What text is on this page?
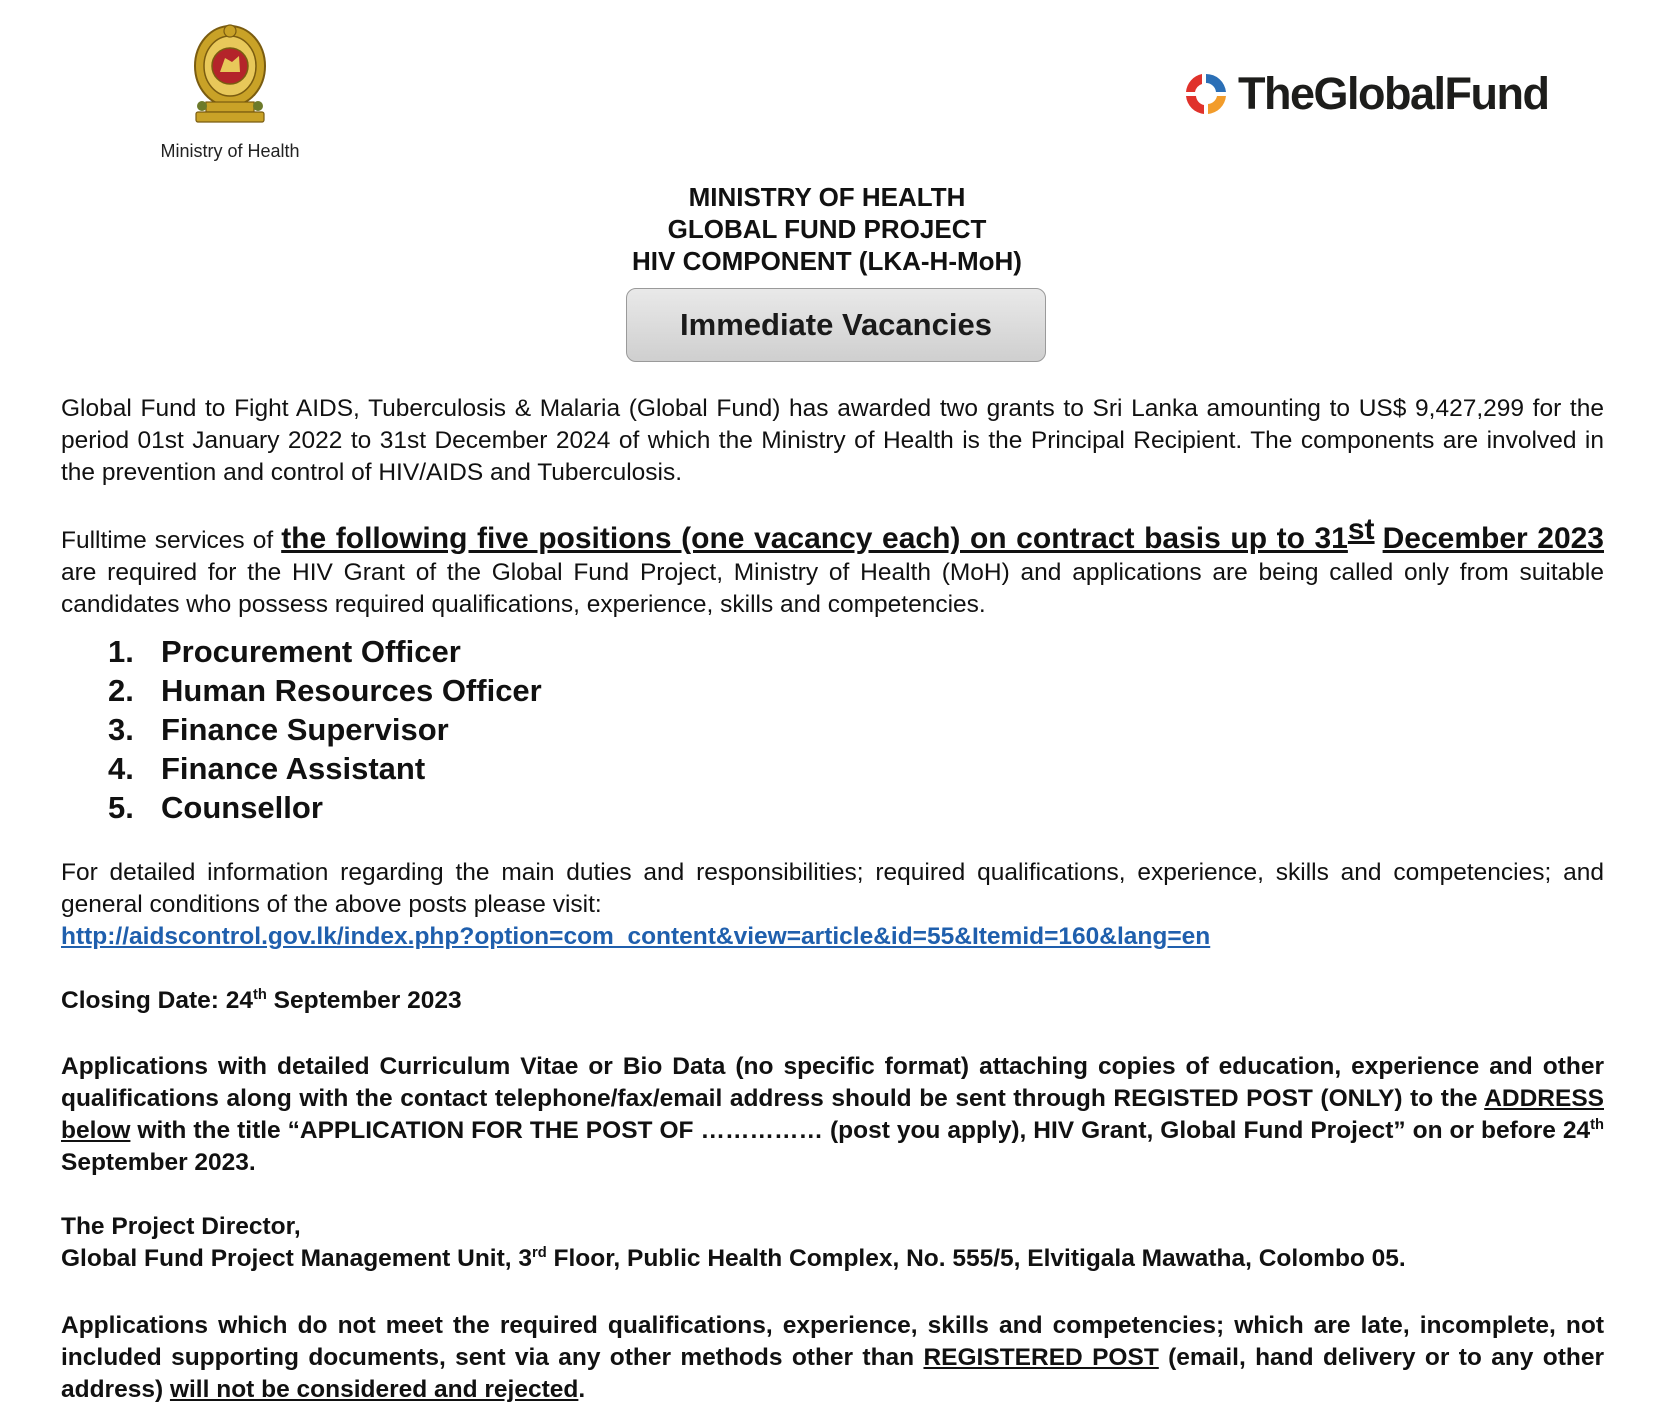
Ministry of Health
TheGlobalFund
MINISTRY OF HEALTH
GLOBAL FUND PROJECT
HIV COMPONENT (LKA-H-MoH)
Immediate Vacancies
Global Fund to Fight AIDS, Tuberculosis & Malaria (Global Fund) has awarded two grants to Sri Lanka amounting to US$ 9,427,299 for the period 01st January 2022 to 31st December 2024 of which the Ministry of Health is the Principal Recipient. The components are involved in the prevention and control of HIV/AIDS and Tuberculosis.
Fulltime services of the following five positions (one vacancy each) on contract basis up to 31st December 2023 are required for the HIV Grant of the Global Fund Project, Ministry of Health (MoH) and applications are being called only from suitable candidates who possess required qualifications, experience, skills and competencies.
1. Procurement Officer
2. Human Resources Officer
3. Finance Supervisor
4. Finance Assistant
5. Counsellor
For detailed information regarding the main duties and responsibilities; required qualifications, experience, skills and competencies; and general conditions of the above posts please visit:
http://aidscontrol.gov.lk/index.php?option=com_content&view=article&id=55&Itemid=160&lang=en
Closing Date: 24th September 2023
Applications with detailed Curriculum Vitae or Bio Data (no specific format) attaching copies of education, experience and other qualifications along with the contact telephone/fax/email address should be sent through REGISTED POST (ONLY) to the ADDRESS below with the title “APPLICATION FOR THE POST OF …………… (post you apply), HIV Grant, Global Fund Project” on or before 24th September 2023.
The Project Director,
Global Fund Project Management Unit, 3rd Floor, Public Health Complex, No. 555/5, Elvitigala Mawatha, Colombo 05.
Applications which do not meet the required qualifications, experience, skills and competencies; which are late, incomplete, not included supporting documents, sent via any other methods other than REGISTERED POST (email, hand delivery or to any other address) will not be considered and rejected.
